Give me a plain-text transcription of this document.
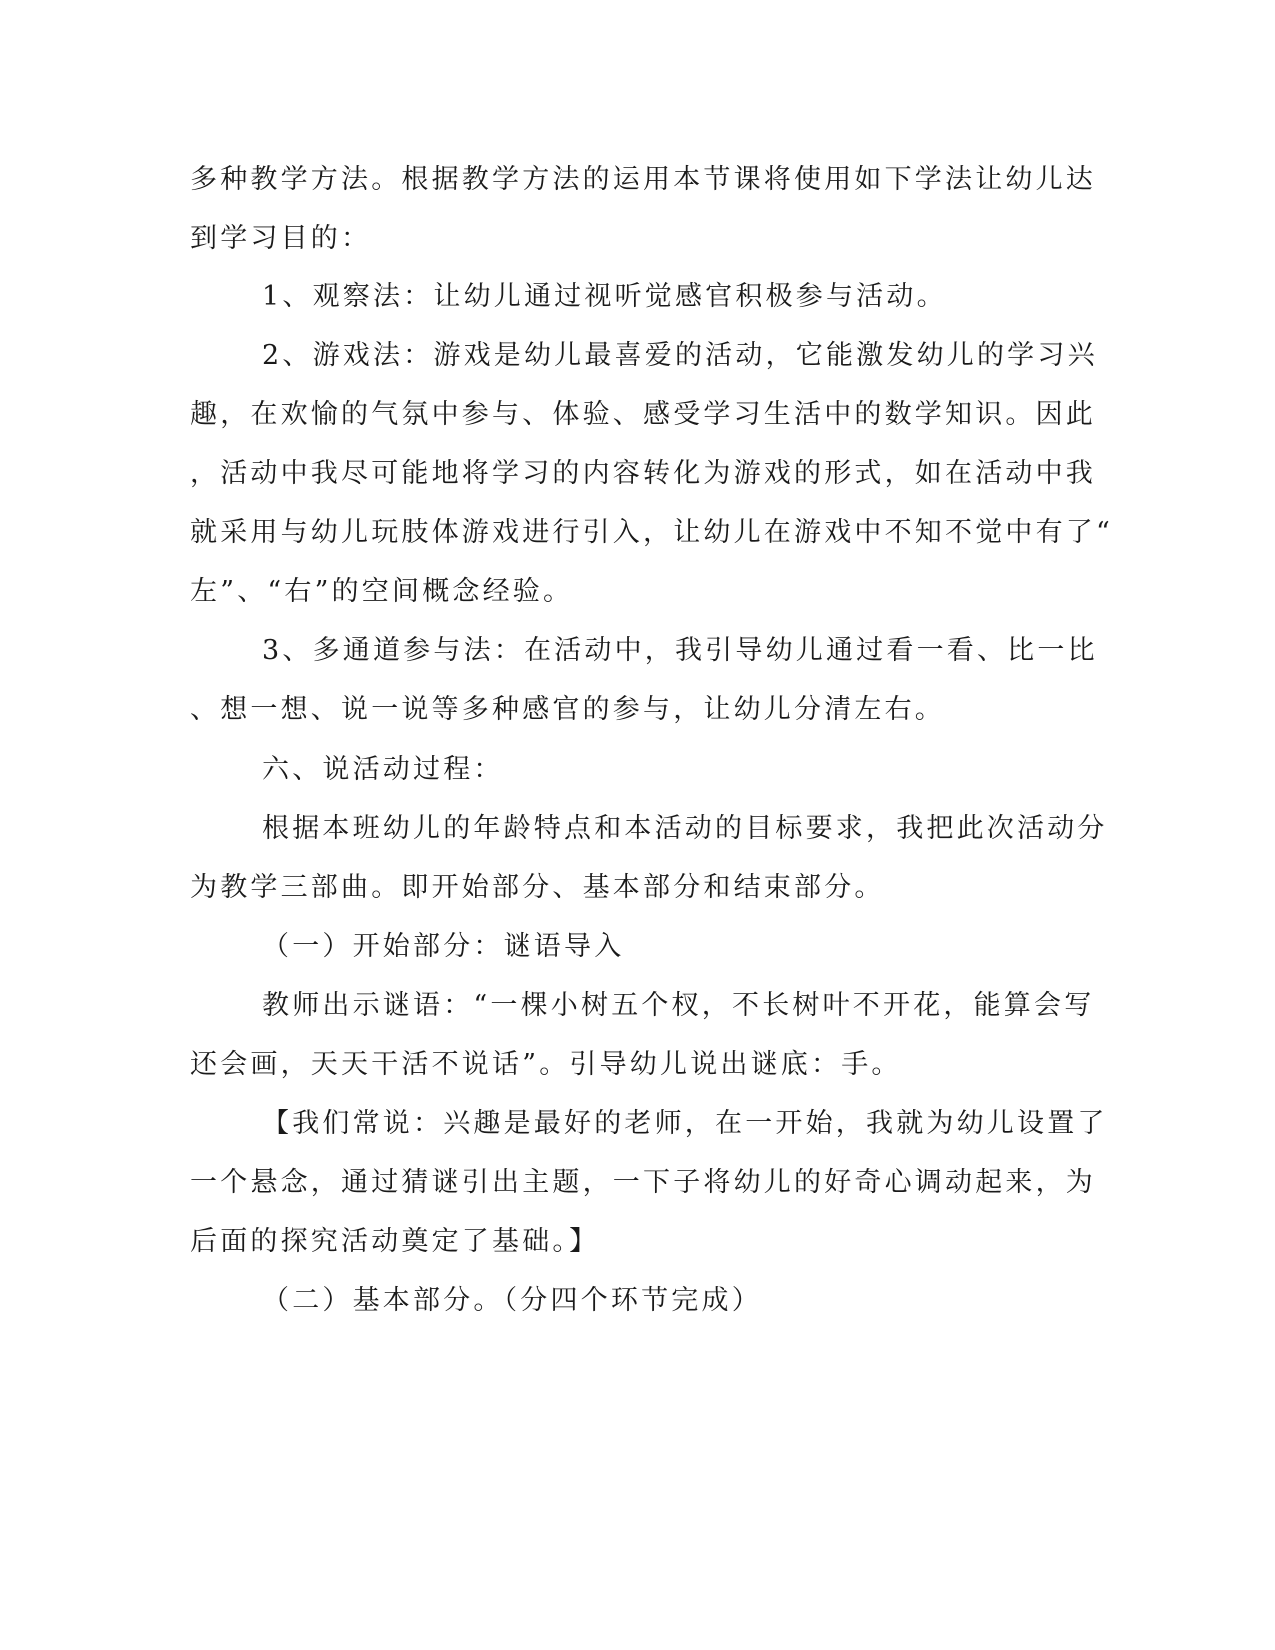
多种教学方法。根据教学方法的运用本节课将使用如下学法让幼儿达
到学习目的：
1、观察法：让幼儿通过视听觉感官积极参与活动。
2、游戏法：游戏是幼儿最喜爱的活动，它能激发幼儿的学习兴
趣，在欢愉的气氛中参与、体验、感受学习生活中的数学知识。因此
，活动中我尽可能地将学习的内容转化为游戏的形式，如在活动中我
就采用与幼儿玩肢体游戏进行引入，让幼儿在游戏中不知不觉中有了“
左”、“右”的空间概念经验。
3、多通道参与法：在活动中，我引导幼儿通过看一看、比一比
、想一想、说一说等多种感官的参与，让幼儿分清左右。
六、说活动过程：
根据本班幼儿的年龄特点和本活动的目标要求，我把此次活动分
为教学三部曲。即开始部分、基本部分和结束部分。
（一）开始部分：谜语导入
教师出示谜语：“一棵小树五个杈，不长树叶不开花，能算会写
还会画，天天干活不说话”。引导幼儿说出谜底：手。
【我们常说：兴趣是最好的老师，在一开始，我就为幼儿设置了
一个悬念，通过猜谜引出主题，一下子将幼儿的好奇心调动起来，为
后面的探究活动奠定了基础。】
（二）基本部分。（分四个环节完成）
